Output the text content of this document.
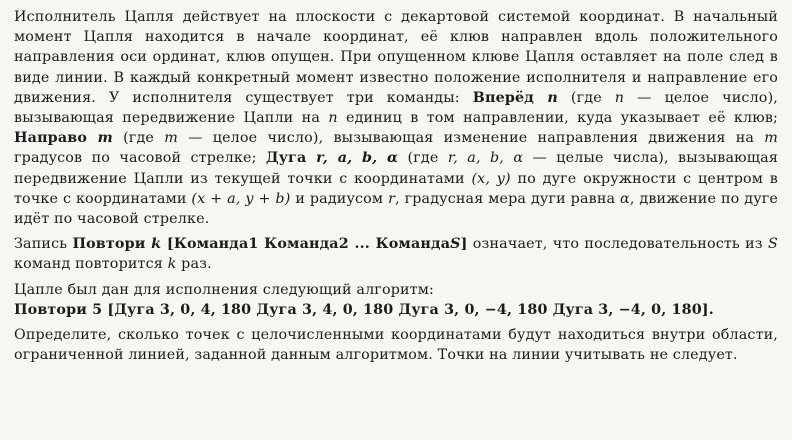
Исполнитель Цапля действует на плоскости с декартовой системой координат. В начальный момент Цапля находится в начале координат, её клюв направлен вдоль положительного направления оси ординат, клюв опущен. При опущенном клюве Цапля оставляет на поле след в виде линии. В каждый конкретный момент известно положение исполнителя и направление его движения. У исполнителя существует три команды: Вперёд n (где n — целое число), вызывающая передвижение Цапли на n единиц в том направлении, куда указывает её клюв; Направо m (где m — целое число), вызывающая изменение направления движения на m градусов по часовой стрелке; Дуга r, a, b, α (где r, a, b, α — целые числа), вызывающая передвижение Цапли из текущей точки с координатами (x, y) по дуге окружности с центром в точке с координатами (x + a, y + b) и радиусом r, градусная мера дуги равна α, движение по дуге идёт по часовой стрелке.

Запись Повтори k [Команда1 Команда2 ... КомандаS] означает, что последовательность из S команд повторится k раз.

Цапле был дан для исполнения следующий алгоритм:

Повтори 5 [Дуга 3, 0, 4, 180 Дуга 3, 4, 0, 180 Дуга 3, 0, −4, 180 Дуга 3, −4, 0, 180].

Определите, сколько точек с целочисленными координатами будут находиться внутри области, ограниченной линией, заданной данным алгоритмом. Точки на линии учитывать не следует.
